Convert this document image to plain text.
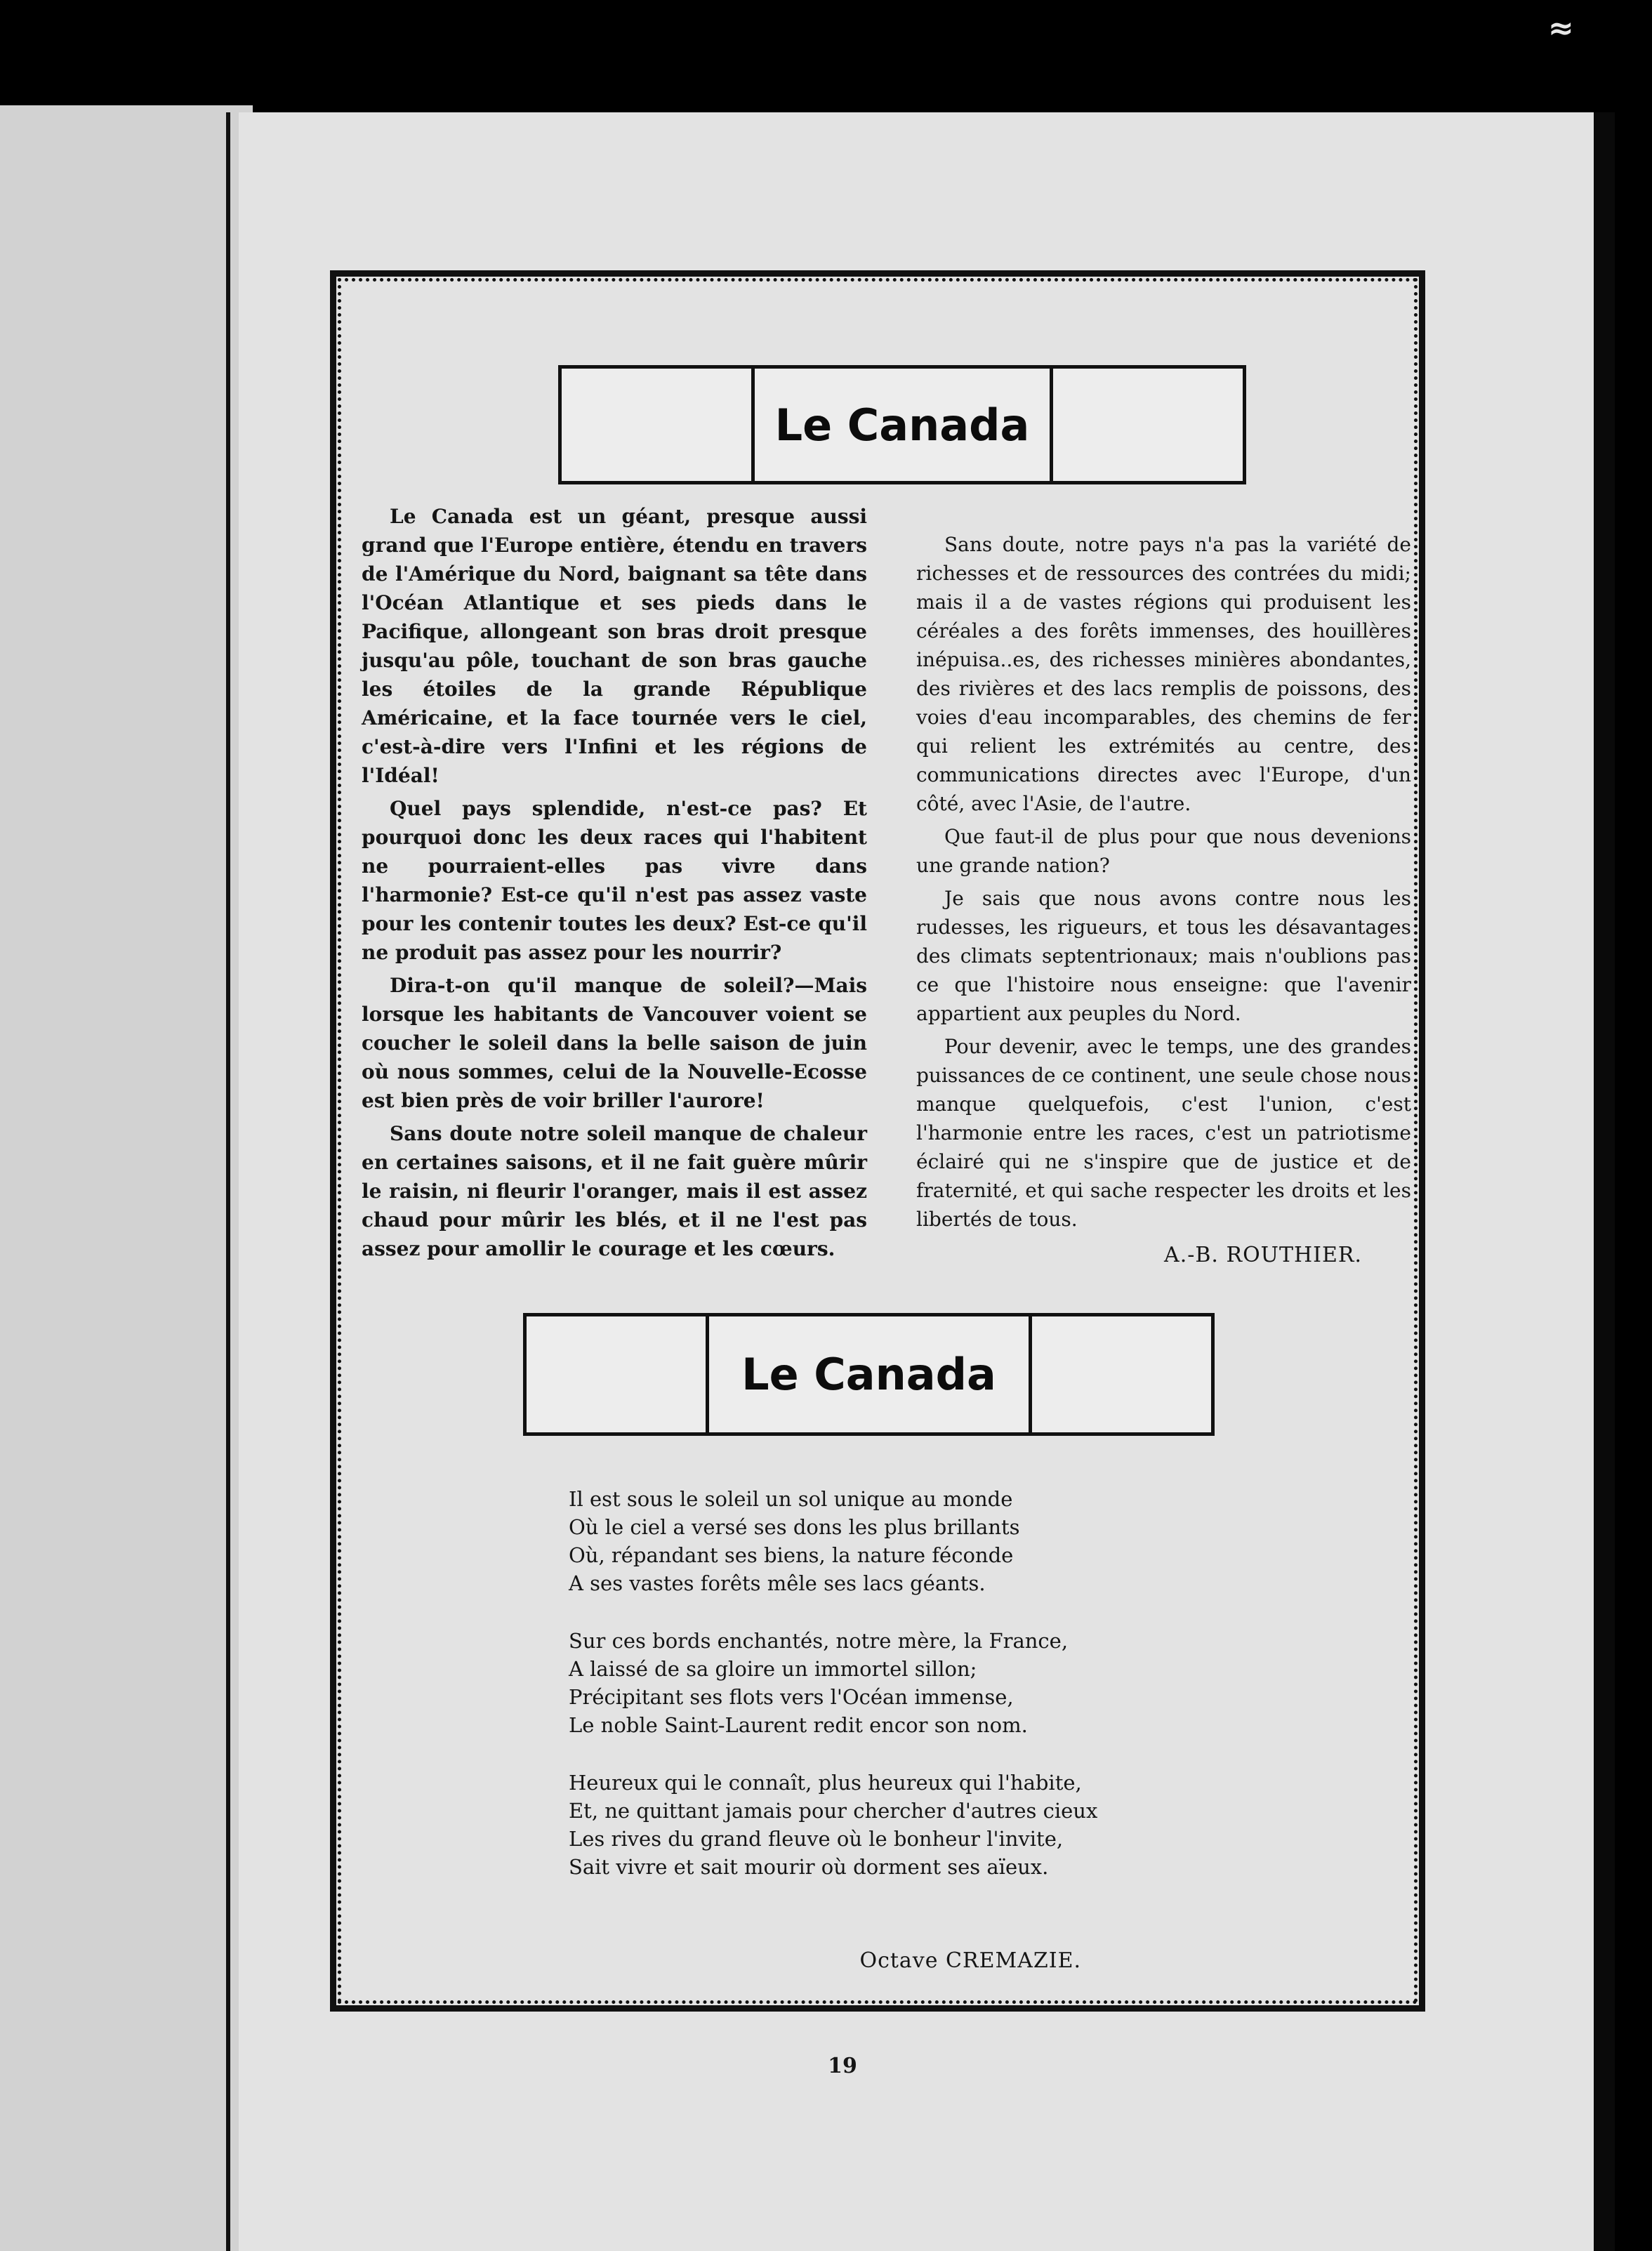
≈
Le Canada

Le Canada est un géant, presque aussi grand que l'Europe entière, étendu en travers de l'Amérique du Nord, baignant sa tête dans l'Océan Atlantique et ses pieds dans le Pacifique, allongeant son bras droit presque jusqu'au pôle, touchant de son bras gauche les étoiles de la grande République Américaine, et la face tournée vers le ciel, c'est-à-dire vers l'Infini et les régions de l'Idéal!

Quel pays splendide, n'est-ce pas? Et pourquoi donc les deux races qui l'habitent ne pourraient-elles pas vivre dans l'harmonie? Est-ce qu'il n'est pas assez vaste pour les contenir toutes les deux? Est-ce qu'il ne produit pas assez pour les nourrir?

Dira-t-on qu'il manque de soleil?—Mais lorsque les habitants de Vancouver voient se coucher le soleil dans la belle saison de juin où nous sommes, celui de la Nouvelle-Ecosse est bien près de voir briller l'aurore!

Sans doute notre soleil manque de chaleur en certaines saisons, et il ne fait guère mûrir le raisin, ni fleurir l'oranger, mais il est assez chaud pour mûrir les blés, et il ne l'est pas assez pour amollir le courage et les cœurs.

Sans doute, notre pays n'a pas la variété de richesses et de ressources des contrées du midi; mais il a de vastes régions qui produisent les céréales a des forêts immenses, des houillères inépuisa..es, des richesses minières abondantes, des rivières et des lacs remplis de poissons, des voies d'eau incomparables, des chemins de fer qui relient les extrémités au centre, des communications directes avec l'Europe, d'un côté, avec l'Asie, de l'autre.

Que faut-il de plus pour que nous devenions une grande nation?

Je sais que nous avons contre nous les rudesses, les rigueurs, et tous les désavantages des climats septentrionaux; mais n'oublions pas ce que l'histoire nous enseigne: que l'avenir appartient aux peuples du Nord.

Pour devenir, avec le temps, une des grandes puissances de ce continent, une seule chose nous manque quelquefois, c'est l'union, c'est l'harmonie entre les races, c'est un patriotisme éclairé qui ne s'inspire que de justice et de fraternité, et qui sache respecter les droits et les libertés de tous.

A.-B. ROUTHIER.
Le Canada
Il est sous le soleil un sol unique au monde
Où le ciel a versé ses dons les plus brillants
Où, répandant ses biens, la nature féconde
A ses vastes forêts mêle ses lacs géants.
Sur ces bords enchantés, notre mère, la France,
A laissé de sa gloire un immortel sillon;
Précipitant ses flots vers l'Océan immense,
Le noble Saint-Laurent redit encor son nom.
Heureux qui le connaît, plus heureux qui l'habite,
Et, ne quittant jamais pour chercher d'autres cieux
Les rives du grand fleuve où le bonheur l'invite,
Sait vivre et sait mourir où dorment ses aïeux.
Octave CREMAZIE.
19
